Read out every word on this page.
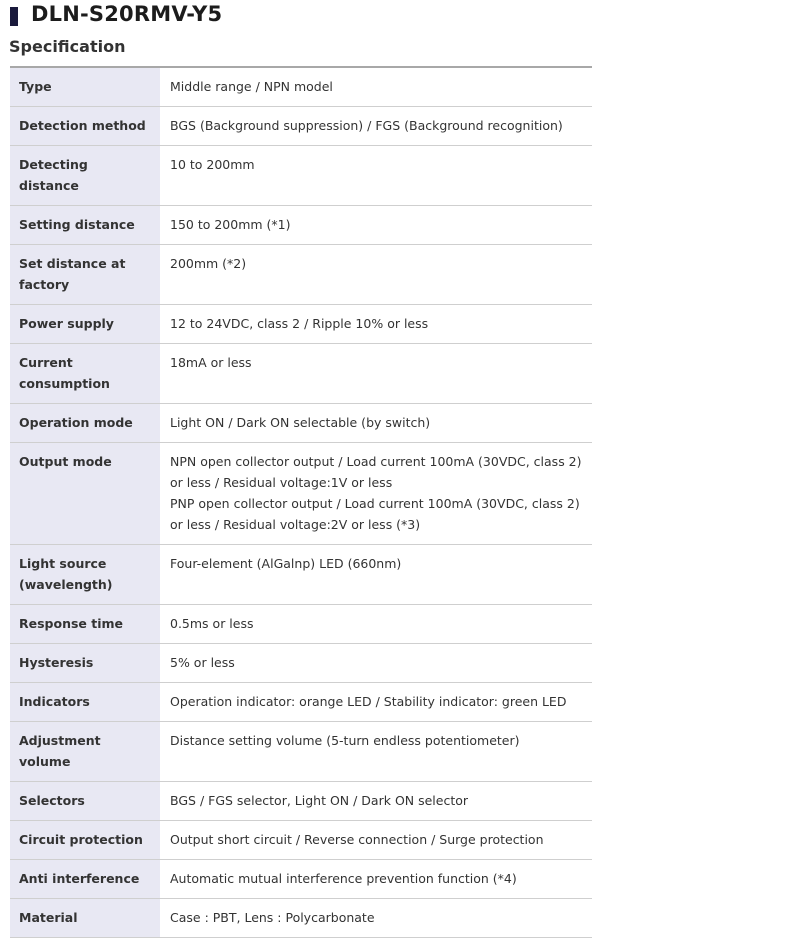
DLN-S20RMV-Y5
Specification
Type	Middle range / NPN model

Detection method	BGS (Background suppression) / FGS (Background recognition)

Detecting distance	10 to 200mm

Setting distance	150 to 200mm (*1)

Set distance at factory	200mm (*2)

Power supply	12 to 24VDC, class 2 / Ripple 10% or less

Current consumption	18mA or less

Operation mode	Light ON / Dark ON selectable (by switch)

Output mode	NPN open collector output / Load current 100mA (30VDC, class 2) or less / Residual voltage:1V or less
PNP open collector output / Load current 100mA (30VDC, class 2) or less / Residual voltage:2V or less (*3)

Light source (wavelength)	Four-element (AlGalnp) LED (660nm)

Response time	0.5ms or less

Hysteresis	5% or less

Indicators	Operation indicator: orange LED / Stability indicator: green LED

Adjustment volume	Distance setting volume (5-turn endless potentiometer)

Selectors	BGS / FGS selector, Light ON / Dark ON selector

Circuit protection	Output short circuit / Reverse connection / Surge protection

Anti interference	Automatic mutual interference prevention function (*4)

Material	Case : PBT, Lens : Polycarbonate
